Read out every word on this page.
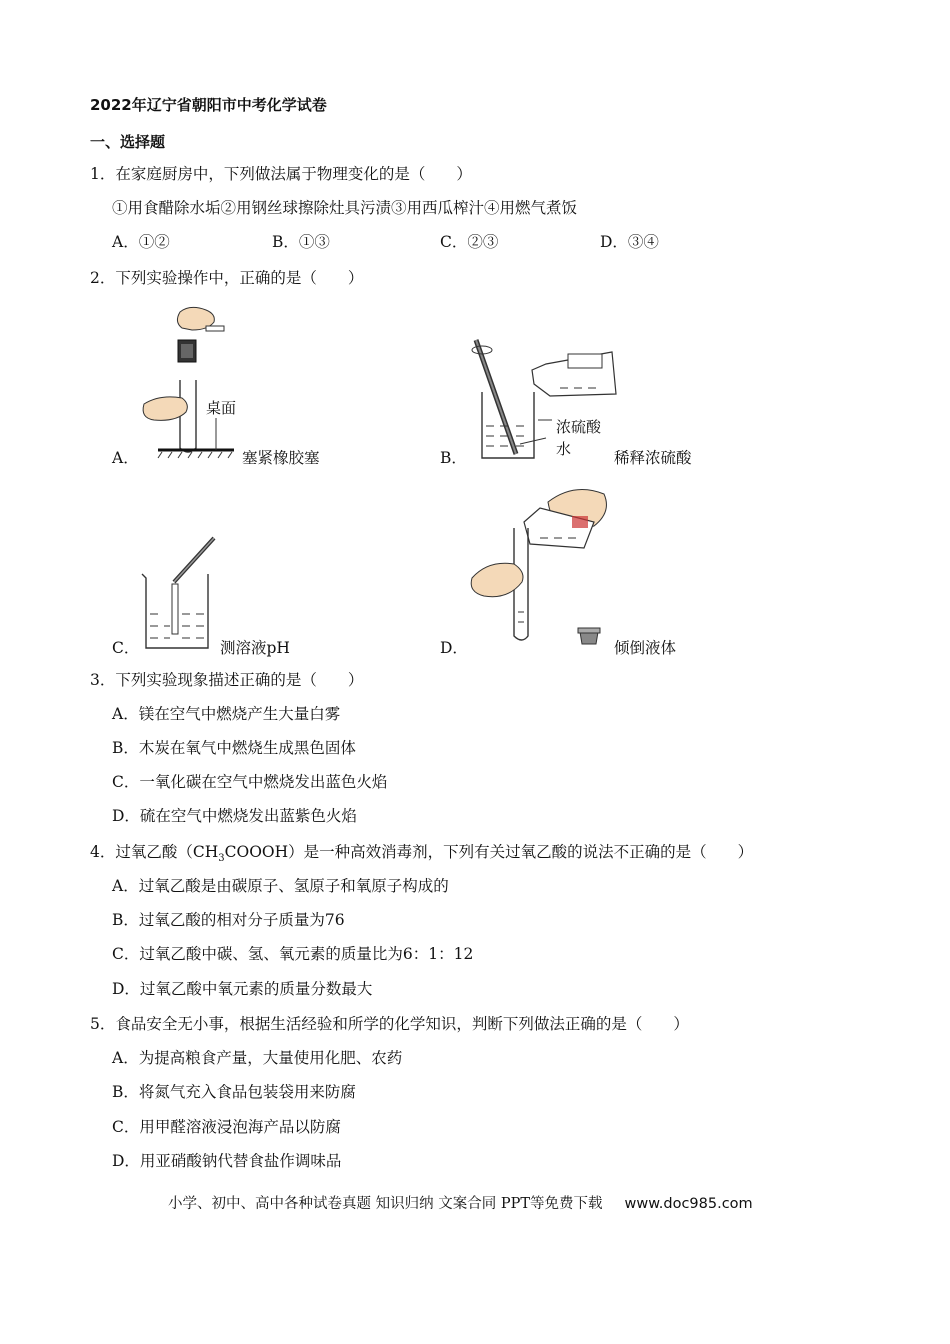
2022年辽宁省朝阳市中考化学试卷
一、选择题
1．在家庭厨房中，下列做法属于物理变化的是（　　）
①用食醋除水垢②用钢丝球擦除灶具污渍③用西瓜榨汁④用燃气煮饭
A．①②	B．①③	C．②③	D．③④
2．下列实验操作中，正确的是（　　）
A．
桌面
塞紧橡胶塞	B．
浓硫酸
水	稀释浓硫酸
C．	测溶液pH	D．	倾倒液体
3．下列实验现象描述正确的是（　　）
A．镁在空气中燃烧产生大量白雾
B．木炭在氧气中燃烧生成黑色固体
C．一氧化碳在空气中燃烧发出蓝色火焰
D．硫在空气中燃烧发出蓝紫色火焰
4．过氧乙酸$(CH_3COOOH)$是一种高效消毒剂，下列有关过氧乙酸的说法不正确的是（　　）
A．过氧乙酸是由碳原子、氢原子和氧原子构成的
B．过氧乙酸的相对分子质量为76
C．过氧乙酸中碳、氢、氧元素的质量比为6：1：12
D．过氧乙酸中氧元素的质量分数最大
5．食品安全无小事，根据生活经验和所学的化学知识，判断下列做法正确的是（　　）
A．为提高粮食产量，大量使用化肥、农药
B．将氮气充入食品包装袋用来防腐
C．用甲醛溶液浸泡海产品以防腐
D．用亚硝酸钠代替食盐作调味品
小学、初中、高中各种试卷真题 知识归纳 文案合同 PPT等免费下载 www.doc985.com
